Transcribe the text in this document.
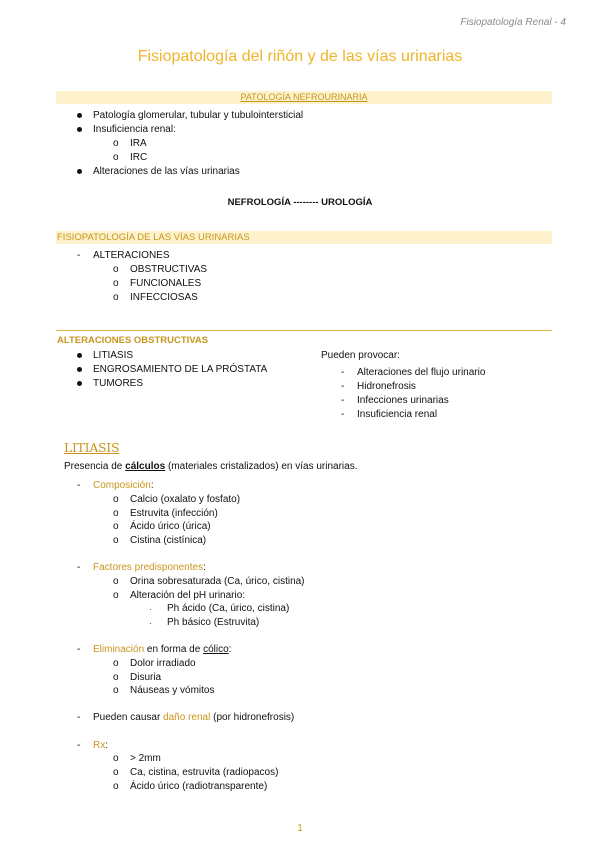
Fisiopatología Renal - 4
Fisiopatología del riñón y de las vías urinarias
PATOLOGÍA NEFROURINARIA
Patología glomerular, tubular y tubulointersticial
Insuficiencia renal:
o IRA
o IRC
Alteraciones de las vías urinarias
NEFROLOGÍA -------- UROLOGÍA
FISIOPATOLOGÍA DE LAS VÍAS URINARIAS
- ALTERACIONES
o OBSTRUCTIVAS
o FUNCIONALES
o INFECCIOSAS
ALTERACIONES OBSTRUCTIVAS
LITIASIS
ENGROSAMIENTO DE LA PRÓSTATA
TUMORES
Pueden provocar:
- Alteraciones del flujo urinario
- Hidronefrosis
- Infecciones urinarias
- Insuficiencia renal
LITIASIS
Presencia de cálculos (materiales cristalizados) en vías urinarias.
- Composición:
o Calcio (oxalato y fosfato)
o Estruvita (infección)
o Ácido úrico (úrica)
o Cistina (cistínica)
- Factores predisponentes:
o Orina sobresaturada (Ca, úrico, cistina)
o Alteración del pH urinario:
· Ph ácido (Ca, úrico, cistina)
· Ph básico (Estruvita)
- Eliminación en forma de cólico:
o Dolor irradiado
o Disuria
o Náuseas y vómitos
- Pueden causar daño renal (por hidronefrosis)
- Rx:
o > 2mm
o Ca, cistina, estruvita (radiopacos)
o Ácido úrico (radiotransparente)
1
